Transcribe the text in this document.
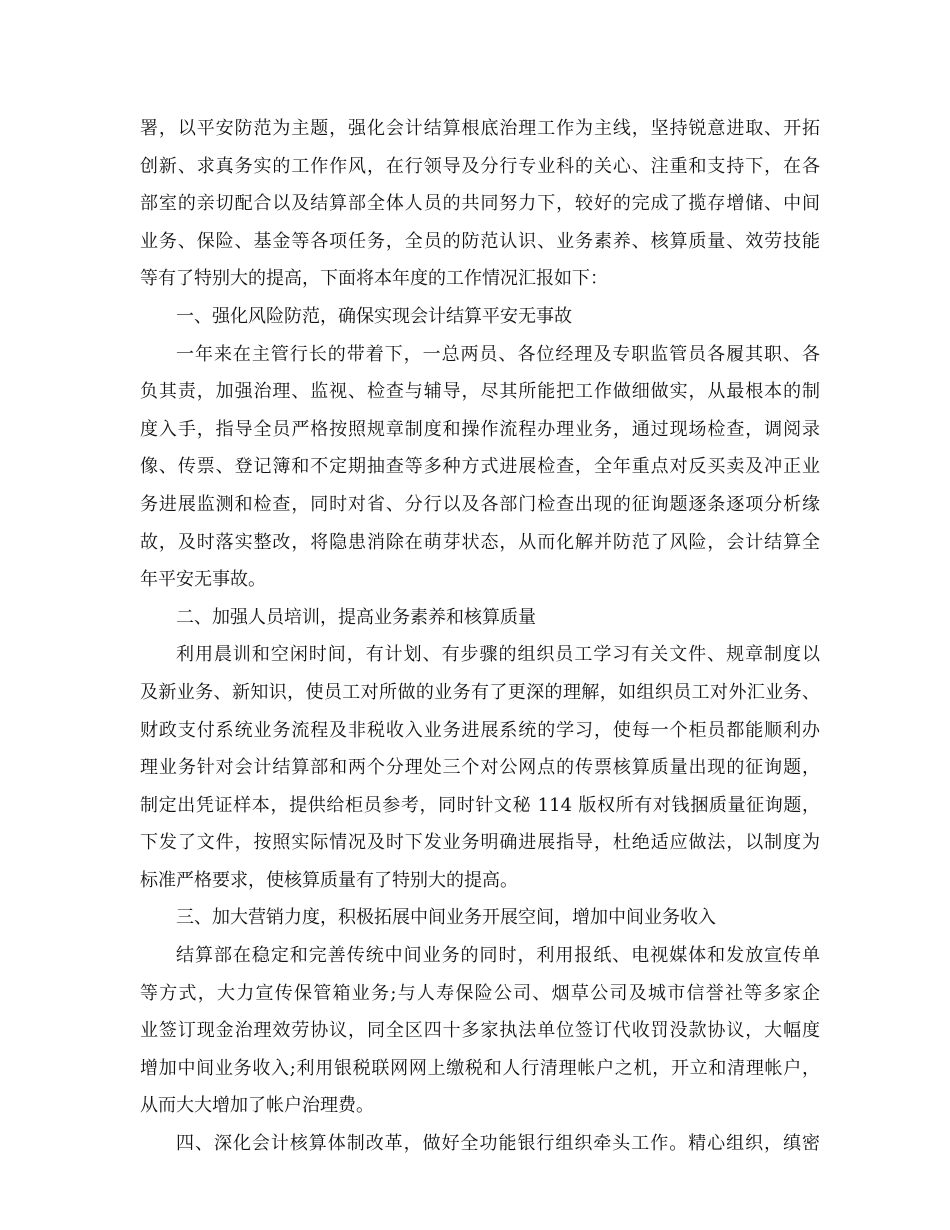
署，以平安防范为主题，强化会计结算根底治理工作为主线，坚持锐意进取、开拓
创新、求真务实的工作作风，在行领导及分行专业科的关心、注重和支持下，在各
部室的亲切配合以及结算部全体人员的共同努力下，较好的完成了揽存增储、中间
业务、保险、基金等各项任务，全员的防范认识、业务素养、核算质量、效劳技能
等有了特别大的提高，下面将本年度的工作情况汇报如下：
一、强化风险防范，确保实现会计结算平安无事故
一年来在主管行长的带着下，一总两员、各位经理及专职监管员各履其职、各
负其责，加强治理、监视、检查与辅导，尽其所能把工作做细做实，从最根本的制
度入手，指导全员严格按照规章制度和操作流程办理业务，通过现场检查，调阅录
像、传票、登记簿和不定期抽查等多种方式进展检查，全年重点对反买卖及冲正业
务进展监测和检查，同时对省、分行以及各部门检查出现的征询题逐条逐项分析缘
故，及时落实整改，将隐患消除在萌芽状态，从而化解并防范了风险，会计结算全
年平安无事故。
二、加强人员培训，提高业务素养和核算质量
利用晨训和空闲时间，有计划、有步骤的组织员工学习有关文件、规章制度以
及新业务、新知识，使员工对所做的业务有了更深的理解，如组织员工对外汇业务、
财政支付系统业务流程及非税收入业务进展系统的学习，使每一个柜员都能顺利办
理业务针对会计结算部和两个分理处三个对公网点的传票核算质量出现的征询题，
制定出凭证样本，提供给柜员参考，同时针文秘 114 版权所有对钱捆质量征询题，
下发了文件，按照实际情况及时下发业务明确进展指导，杜绝适应做法，以制度为
标准严格要求，使核算质量有了特别大的提高。
三、加大营销力度，积极拓展中间业务开展空间，增加中间业务收入
结算部在稳定和完善传统中间业务的同时，利用报纸、电视媒体和发放宣传单
等方式，大力宣传保管箱业务;与人寿保险公司、烟草公司及城市信誉社等多家企
业签订现金治理效劳协议，同全区四十多家执法单位签订代收罚没款协议，大幅度
增加中间业务收入;利用银税联网网上缴税和人行清理帐户之机，开立和清理帐户，
从而大大增加了帐户治理费。
四、深化会计核算体制改革，做好全功能银行组织牵头工作。精心组织，缜密
